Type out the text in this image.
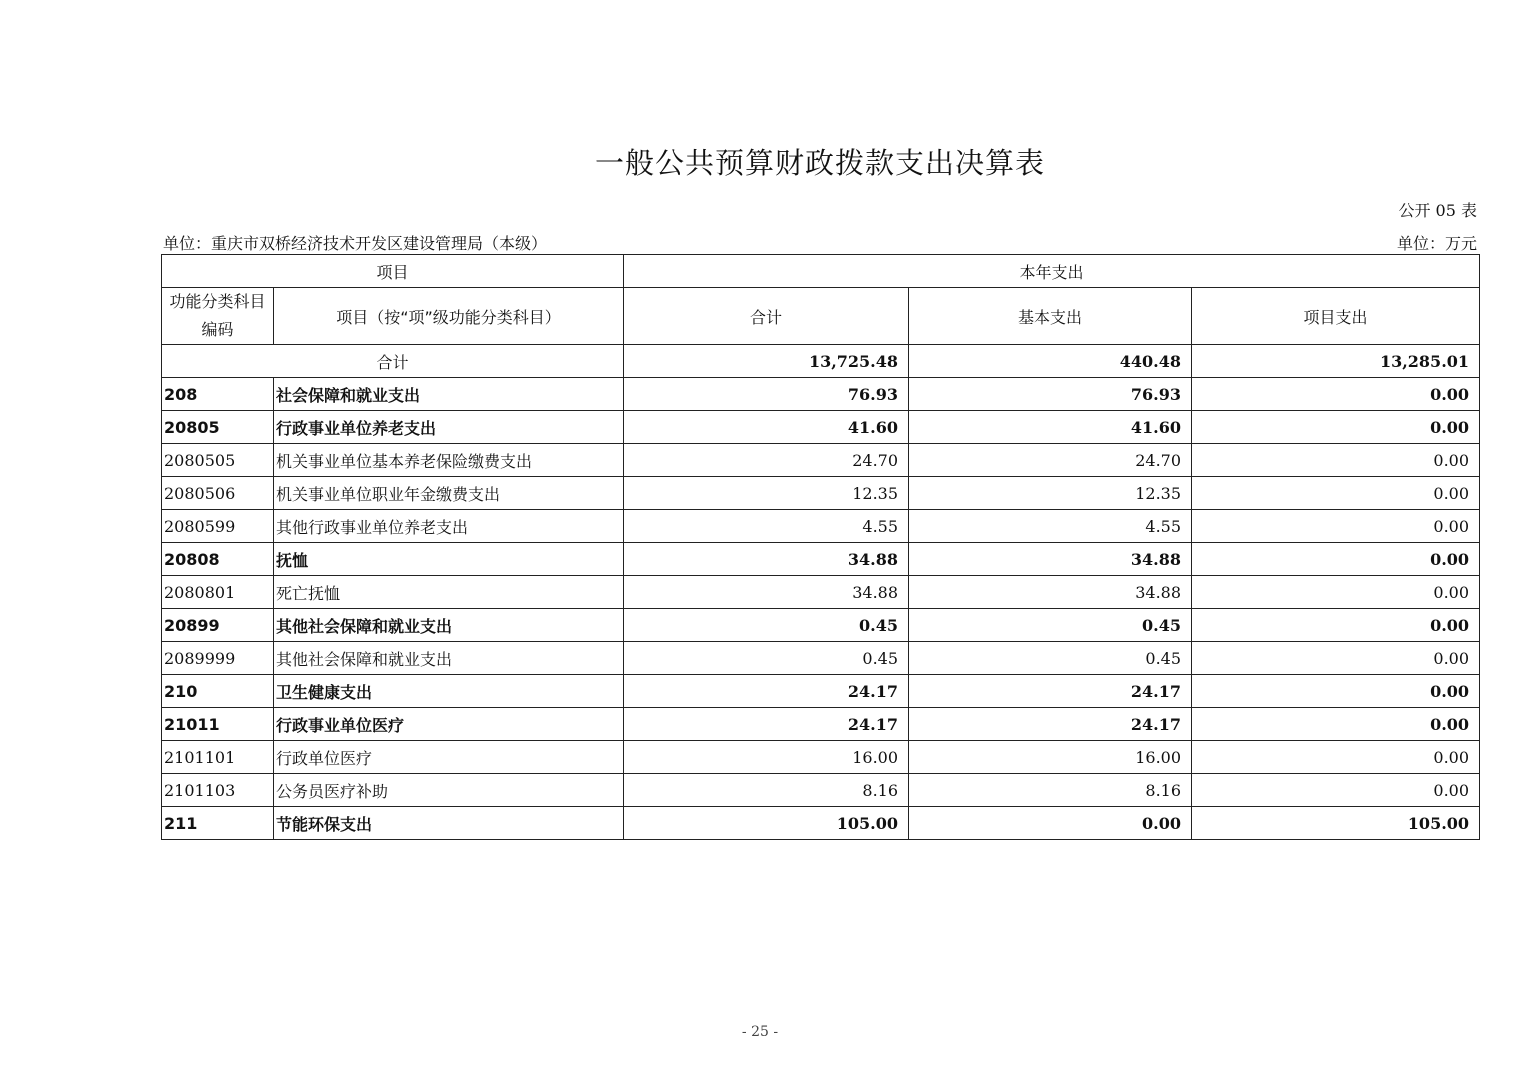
一般公共预算财政拨款支出决算表
公开 05 表
单位：重庆市双桥经济技术开发区建设管理局（本级）	单位：万元
项目		本年支出		
功能分类科目编码	项目（按“项”级功能分类科目）	合计	基本支出	项目支出
合计		13,725.48	440.48	13,285.01
208	社会保障和就业支出	76.93	76.93	0.00
20805	行政事业单位养老支出	41.60	41.60	0.00
2080505	机关事业单位基本养老保险缴费支出	24.70	24.70	0.00
2080506	机关事业单位职业年金缴费支出	12.35	12.35	0.00
2080599	其他行政事业单位养老支出	4.55	4.55	0.00
20808	抚恤	34.88	34.88	0.00
2080801	死亡抚恤	34.88	34.88	0.00
20899	其他社会保障和就业支出	0.45	0.45	0.00
2089999	其他社会保障和就业支出	0.45	0.45	0.00
210	卫生健康支出	24.17	24.17	0.00
21011	行政事业单位医疗	24.17	24.17	0.00
2101101	行政单位医疗	16.00	16.00	0.00
2101103	公务员医疗补助	8.16	8.16	0.00
211	节能环保支出	105.00	0.00	105.00
- 25 -
